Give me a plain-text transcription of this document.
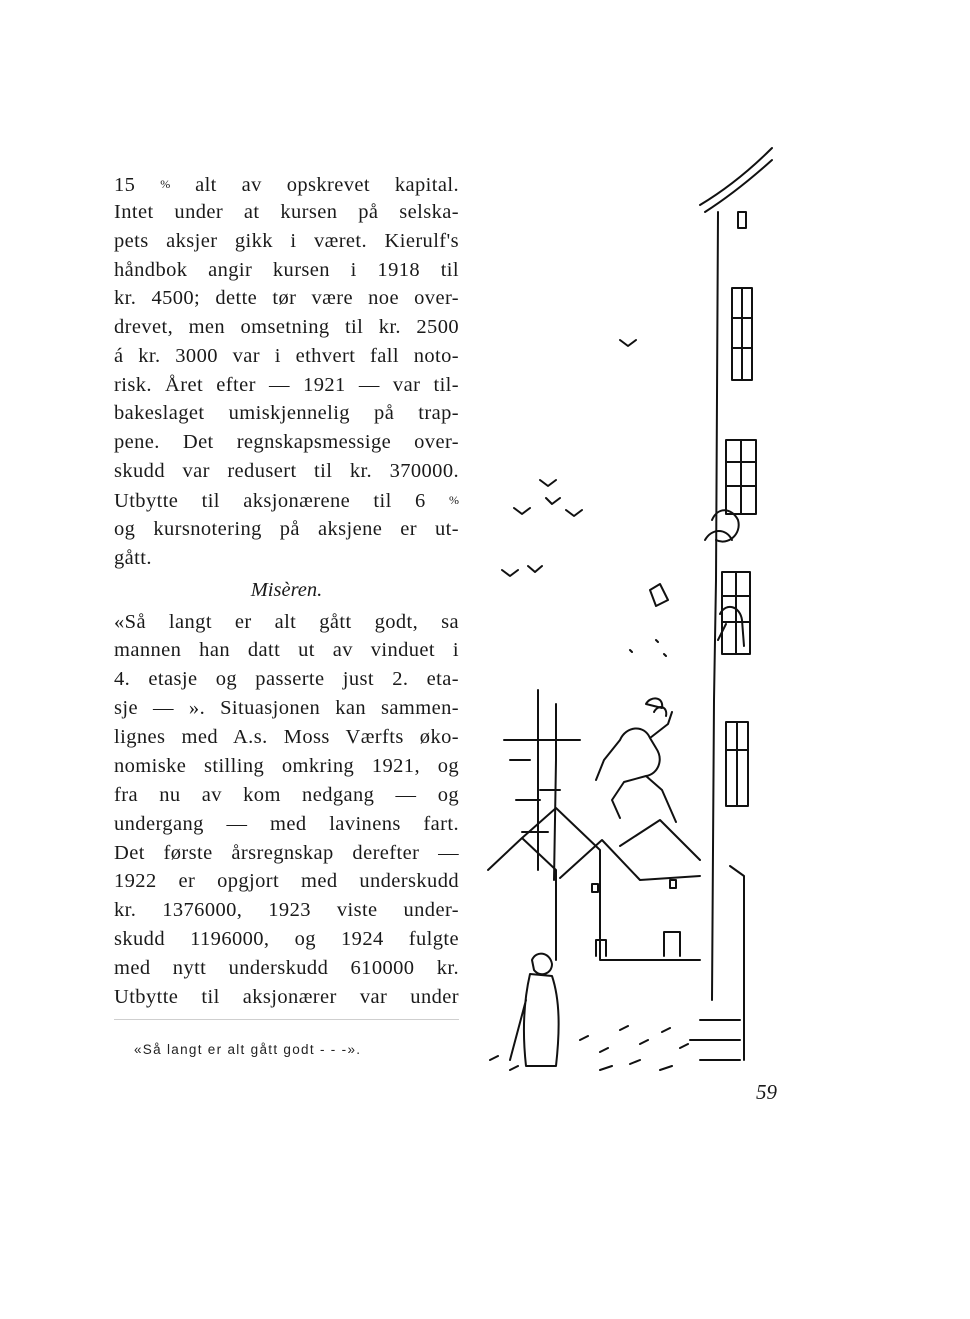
15 % alt av opskrevet kapital.
Intet under at kursen på selska-
pets aksjer gikk i været. Kierulf's
håndbok angir kursen i 1918 til
kr. 4500; dette tør være noe over-
drevet, men omsetning til kr. 2500
á kr. 3000 var i ethvert fall noto-
risk. Året efter — 1921 — var til-
bakeslaget umiskjennelig på trap-
pene. Det regnskapsmessige over-
skudd var redusert til kr. 370000.
Utbytte til aksjonærene til 6 %
og kursnotering på aksjene er ut-
gått.
Misèren.
«Så langt er alt gått godt, sa
mannen han datt ut av vinduet i
4. etasje og passerte just 2. eta-
sje — ». Situasjonen kan sammen-
lignes med A.s. Moss Værfts øko-
nomiske stilling omkring 1921, og
fra nu av kom nedgang — og
undergang — med lavinens fart.
Det første årsregnskap derefter —
1922 er opgjort med underskudd
kr. 1376000, 1923 viste under-
skudd 1196000, og 1924 fulgte
med nytt underskudd 610000 kr.
Utbytte til aksjonærer var under
«Så langt er alt gått godt - - -».
59
